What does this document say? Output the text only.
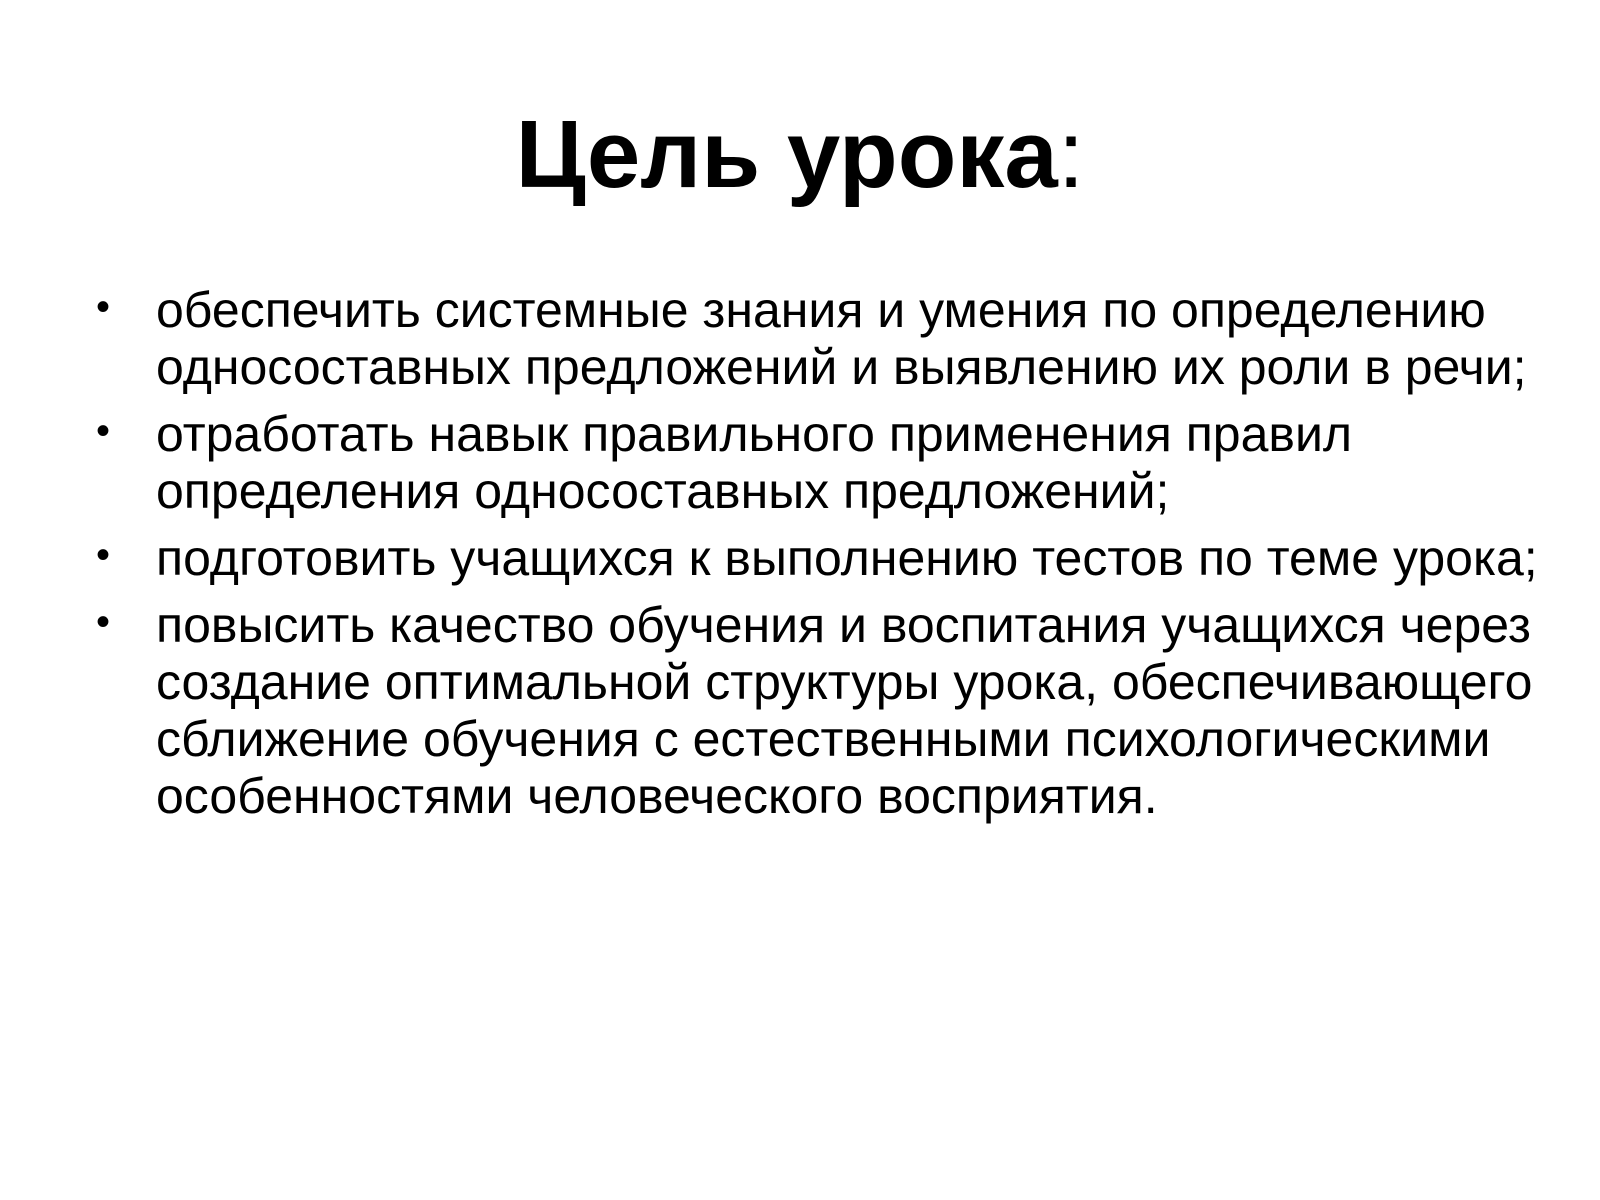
Цель урока:
• обеспечить системные знания и умения по определению односоставных предложений и выявлению их роли в речи;
• отработать навык правильного применения правил определения односоставных предложений;
• подготовить учащихся к выполнению тестов по теме урока;
• повысить качество обучения и воспитания учащихся через создание оптимальной структуры урока, обеспечивающего сближение обучения с естественными психологическими особенностями человеческого восприятия.
